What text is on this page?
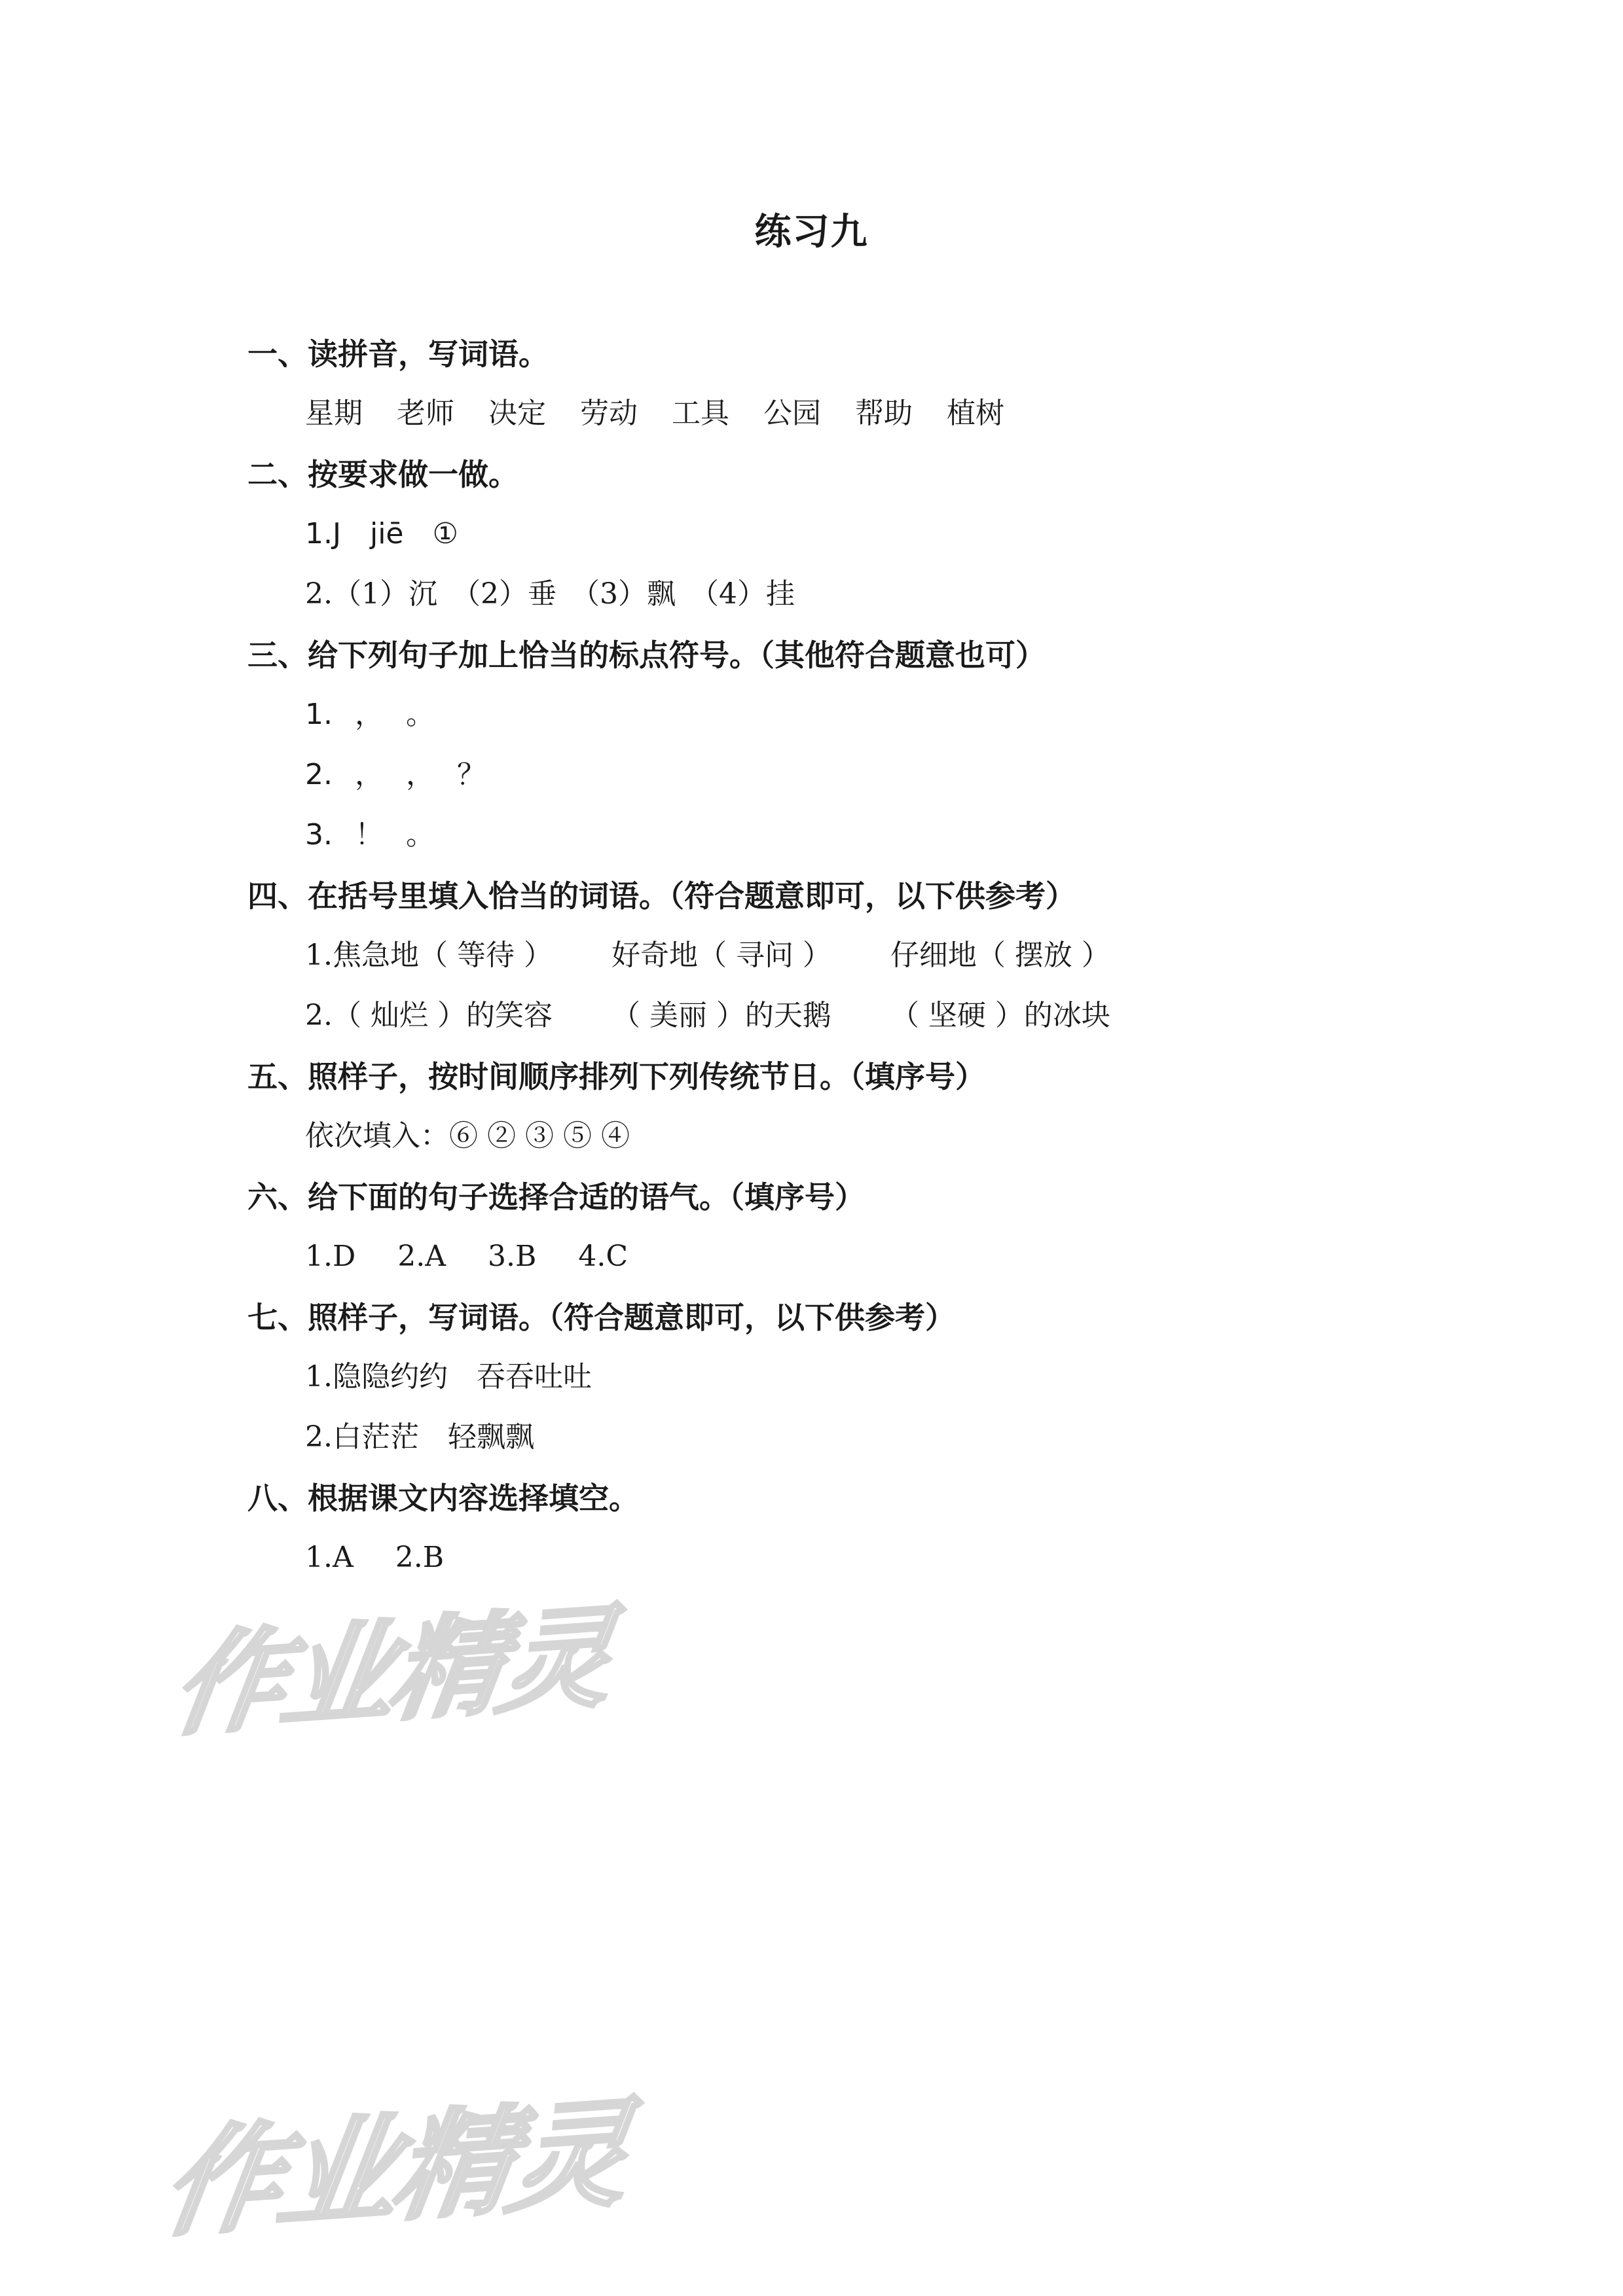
练习九
一、读拼音，写词语。
星期 老师 决定 劳动 工具 公园 帮助 植树
二、按要求做一做。
1.J jiē ①
2.（1）沉 （2）垂 （3）飘 （4）挂
三、给下列句子加上恰当的标点符号。（其他符合题意也可）
1. ， 。
2. ， ， ？
3. ！ 。
四、在括号里填入恰当的词语。（符合题意即可，以下供参考）
1.焦急地（ 等待 ） 好奇地（ 寻问 ） 仔细地（ 摆放 ）
2.（ 灿烂 ）的笑容 （ 美丽 ）的天鹅 （ 坚硬 ）的冰块
五、照样子，按时间顺序排列下列传统节日。（填序号）
依次填入：⑥ ② ③ ⑤ ④
六、给下面的句子选择合适的语气。（填序号）
1.D 2.A 3.B 4.C
七、照样子，写词语。（符合题意即可，以下供参考）
1.隐隐约约 吞吞吐吐
2.白茫茫 轻飘飘
八、根据课文内容选择填空。
1.A 2.B
作业精灵
作业精灵
